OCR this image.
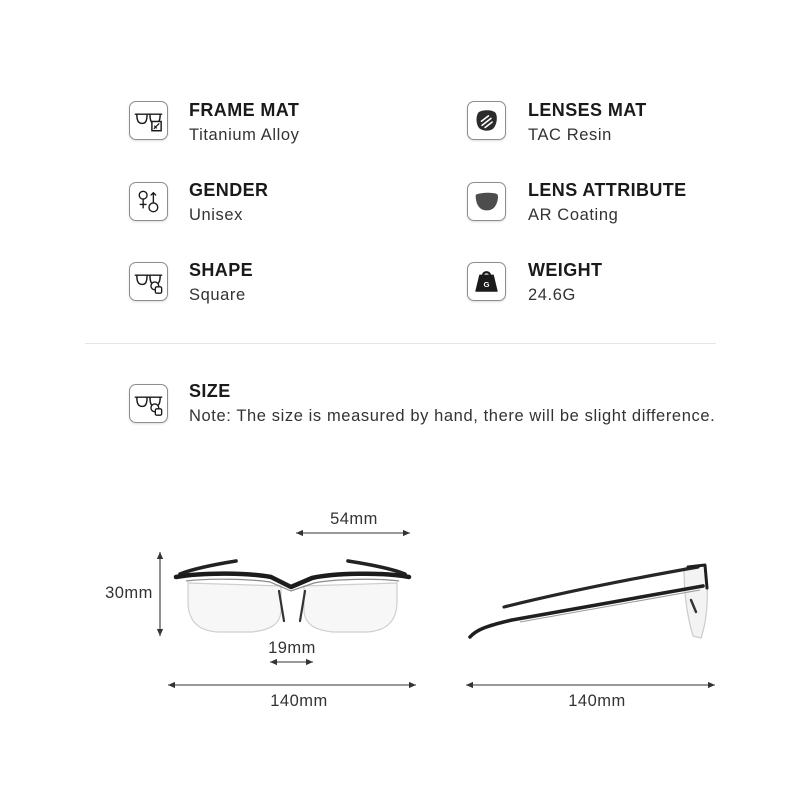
FRAME MAT
Titanium Alloy
LENSES MAT
TAC Resin
GENDER
Unisex
LENS ATTRIBUTE
AR Coating
SHAPE
Square
G
WEIGHT
24.6G
SIZE
Note: The size is measured by hand, there will be slight difference.
54mm
30mm
19mm
140mm	140mm
